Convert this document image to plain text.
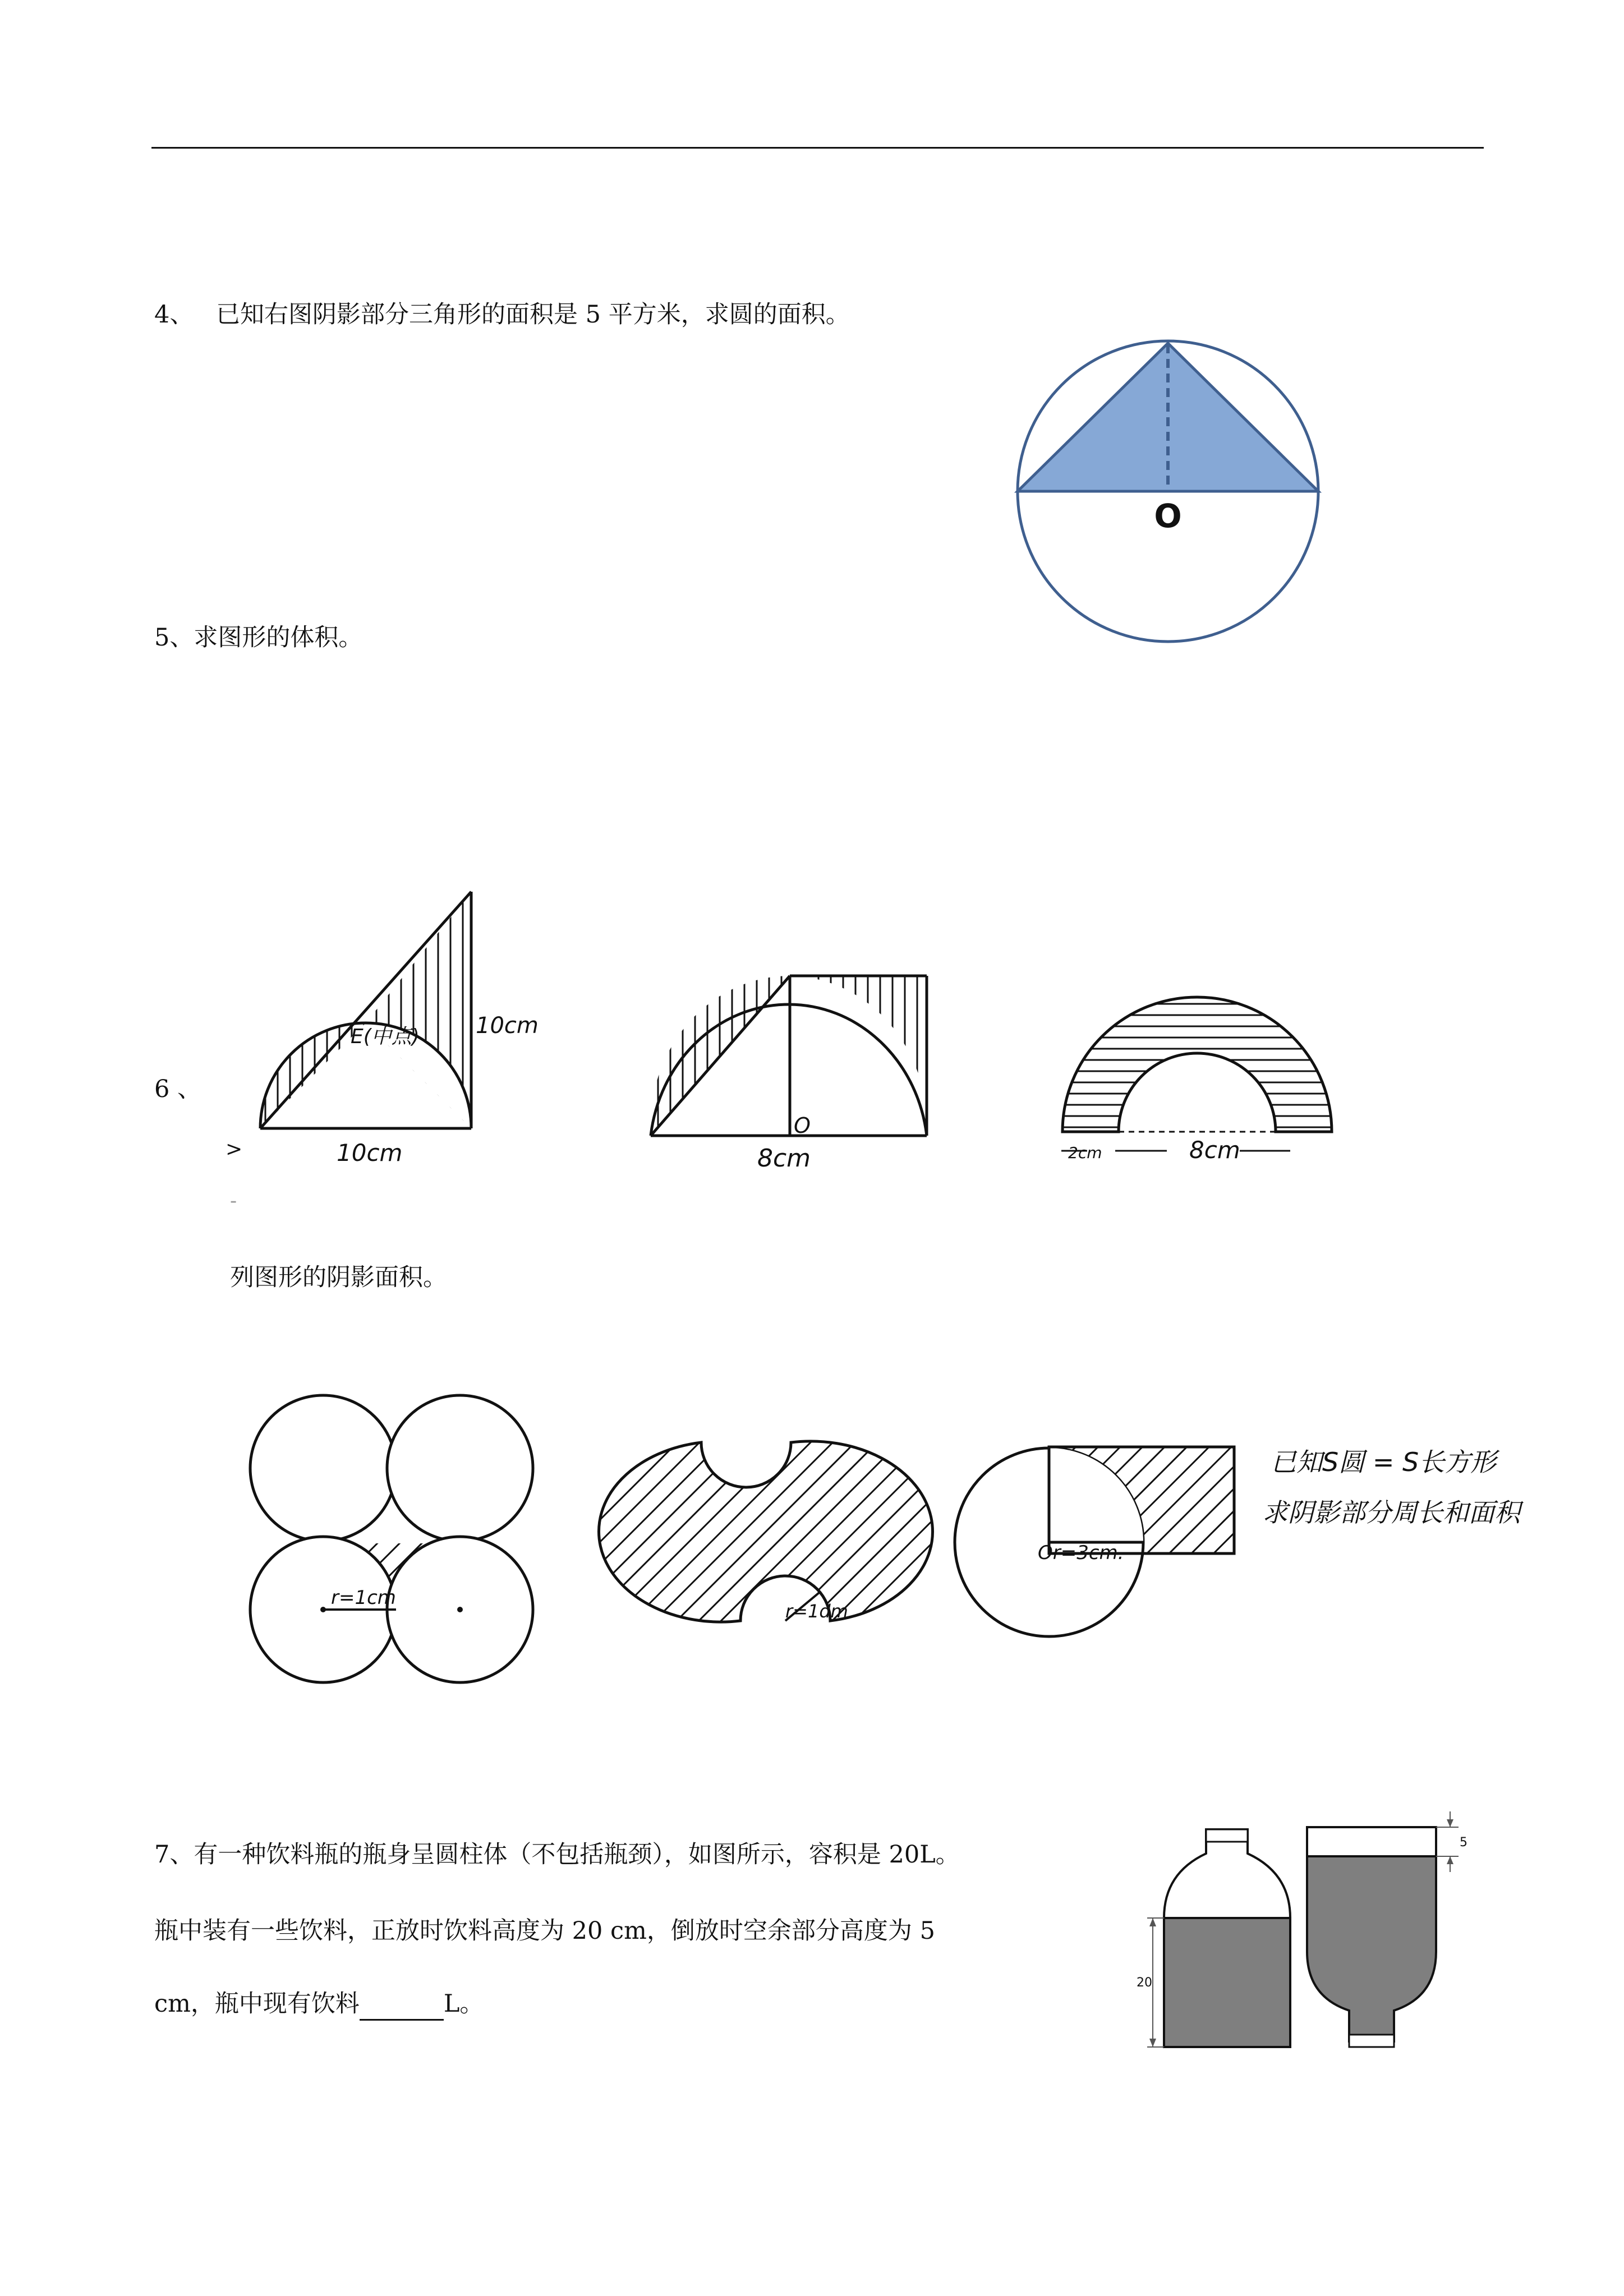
4、 已知右图阴影部分三角形的面积是 5 平方米，求圆的面积。
O
5、求图形的体积。
6 、
>
-
列图形的阴影面积。
E(中点)	10cm
10cm
O
8cm	2cm	8cm
r=1cm
r=1dm
Or=3cm.
已知S圆 = S长方形
求阴影部分周长和面积
7、有一种饮料瓶的瓶身呈圆柱体（不包括瓶颈），如图所示，容积是 20L。
瓶中装有一些饮料，正放时饮料高度为 20 cm，倒放时空余部分高度为 5
cm，瓶中现有饮料	L。
20
5
